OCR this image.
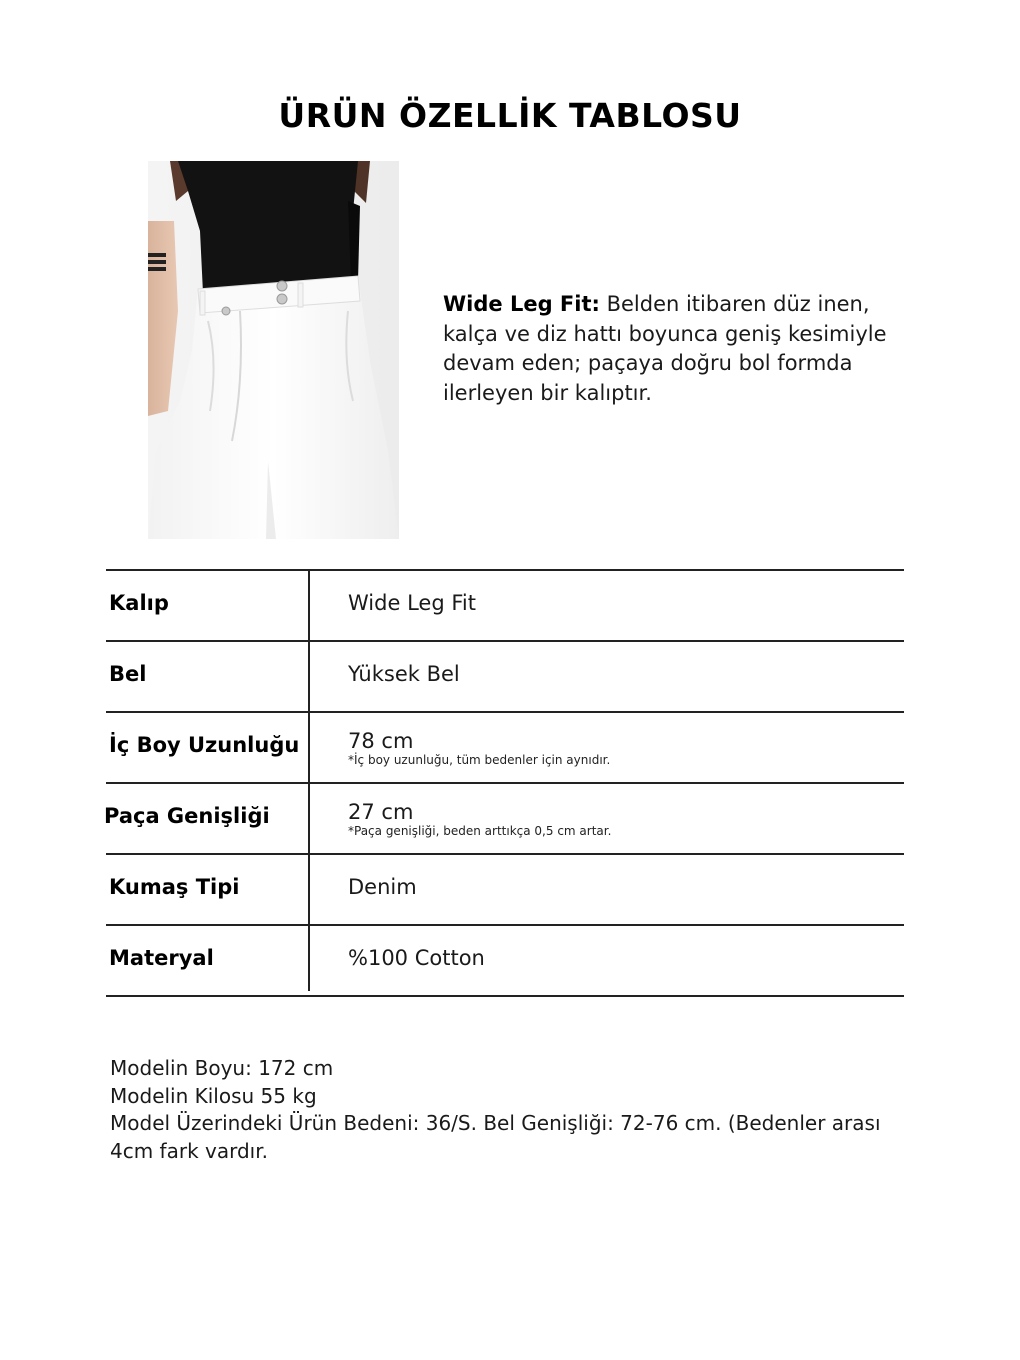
ÜRÜN ÖZELLİK TABLOSU
Wide Leg Fit: Belden itibaren düz inen, kalça ve diz hattı boyunca geniş kesimiyle devam eden; paçaya doğru bol formda ilerleyen bir kalıptır.
Kalıp	Wide Leg Fit
Bel	Yüksek Bel
İç Boy Uzunluğu 78 cm
*İç boy uzunluğu, tüm bedenler için aynıdır.
Paça Genişliği	27 cm
*Paça genişliği, beden arttıkça 0,5 cm artar.
Kumaş Tipi	Denim
Materyal	%100 Cotton
Modelin Boyu: 172 cm
Modelin Kilosu 55 kg
Model Üzerindeki Ürün Bedeni: 36/S. Bel Genişliği: 72-76 cm. (Bedenler arası 4cm fark vardır.
